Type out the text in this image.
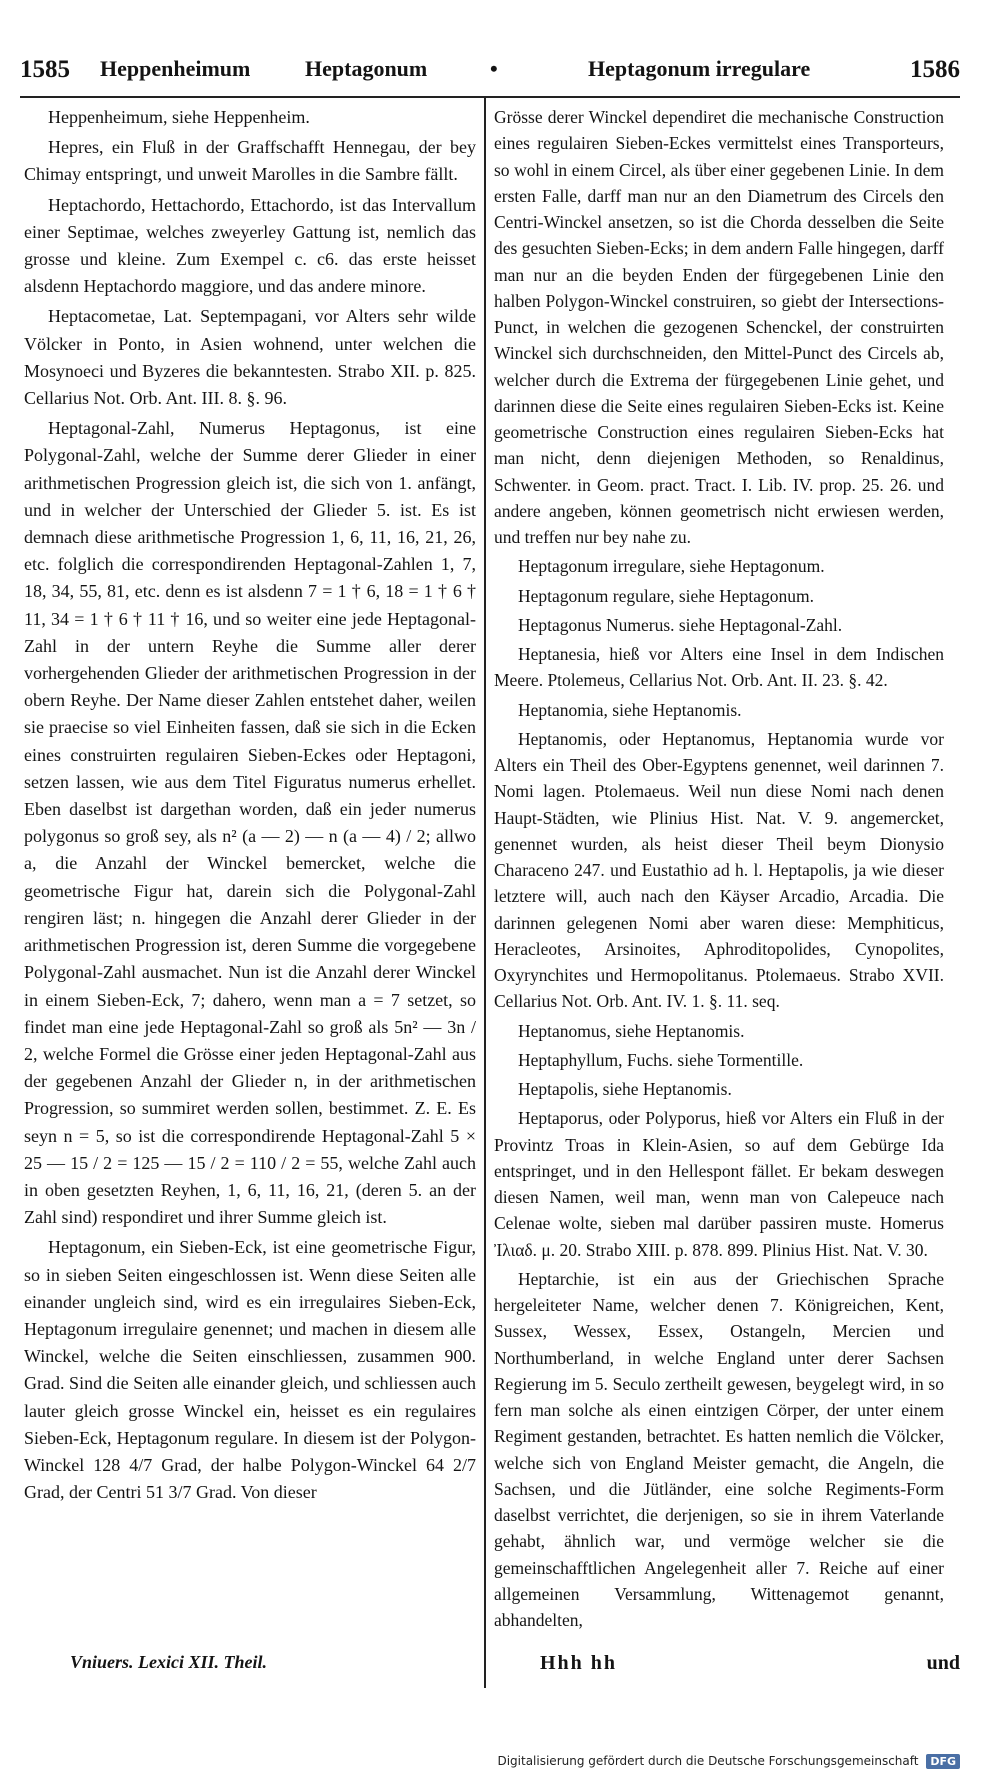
1585 Heppenheimum Heptagonum	•	Heptagonum irregulare	1586

Heppenheimum, siehe Heppenheim.

Hepres, ein Fluß in der Graffschafft Hennegau, der bey Chimay entspringt, und unweit Marolles in die Sambre fällt.

Heptachordo, Hettachordo, Ettachordo, ist das Intervallum einer Septimae, welches zweyerley Gattung ist, nemlich das grosse und kleine. Zum Exempel c. c6. das erste heisset alsdenn Heptachordo maggiore, und das andere minore.

Heptacometae, Lat. Septempagani, vor Alters sehr wilde Völcker in Ponto, in Asien wohnend, unter welchen die Mosynoeci und Byzeres die bekanntesten. Strabo XII. p. 825. Cellarius Not. Orb. Ant. III. 8. §. 96.

Heptagonal-Zahl, Numerus Heptagonus, ist eine Polygonal-Zahl, welche der Summe derer Glieder in einer arithmetischen Progression gleich ist, die sich von 1. anfängt, und in welcher der Unterschied der Glieder 5. ist. Es ist demnach diese arithmetische Progression 1, 6, 11, 16, 21, 26, etc. folglich die correspondirenden Heptagonal-Zahlen 1, 7, 18, 34, 55, 81, etc. denn es ist alsdenn 7 = 1 † 6, 18 = 1 † 6 † 11, 34 = 1 † 6 † 11 † 16, und so weiter eine jede Heptagonal-Zahl in der untern Reyhe die Summe aller derer vorhergehenden Glieder der arithmetischen Progression in der obern Reyhe. Der Name dieser Zahlen entstehet daher, weilen sie praecise so viel Einheiten fassen, daß sie sich in die Ecken eines construirten regulairen Sieben-Eckes oder Heptagoni, setzen lassen, wie aus dem Titel Figuratus numerus erhellet. Eben daselbst ist dargethan worden, daß ein jeder numerus polygonus so groß sey, als n² (a — 2) — n (a — 4) / 2; allwo a, die Anzahl der Winckel bemercket, welche die geometrische Figur hat, darein sich die Polygonal-Zahl rengiren läst; n. hingegen die Anzahl derer Glieder in der arithmetischen Progression ist, deren Summe die vorgegebene Polygonal-Zahl ausmachet. Nun ist die Anzahl derer Winckel in einem Sieben-Eck, 7; dahero, wenn man a = 7 setzet, so findet man eine jede Heptagonal-Zahl so groß als 5n² — 3n / 2, welche Formel die Grösse einer jeden Heptagonal-Zahl aus der gegebenen Anzahl der Glieder n, in der arithmetischen Progression, so summiret werden sollen, bestimmet. Z. E. Es seyn n = 5, so ist die correspondirende Heptagonal-Zahl 5 × 25 — 15 / 2 = 125 — 15 / 2 = 110 / 2 = 55, welche Zahl auch in oben gesetzten Reyhen, 1, 6, 11, 16, 21, (deren 5. an der Zahl sind) respondiret und ihrer Summe gleich ist.

Heptagonum, ein Sieben-Eck, ist eine geometrische Figur, so in sieben Seiten eingeschlossen ist. Wenn diese Seiten alle einander ungleich sind, wird es ein irregulaires Sieben-Eck, Heptagonum irregulaire genennet; und machen in diesem alle Winckel, welche die Seiten einschliessen, zusammen 900. Grad. Sind die Seiten alle einander gleich, und schliessen auch lauter gleich grosse Winckel ein, heisset es ein regulaires Sieben-Eck, Heptagonum regulare. In diesem ist der Polygon-Winckel 128 4/7 Grad, der halbe Polygon-Winckel 64 2/7 Grad, der Centri 51 3/7 Grad. Von dieser

Grösse derer Winckel dependiret die mechanische Construction eines regulairen Sieben-Eckes vermittelst eines Transporteurs, so wohl in einem Circel, als über einer gegebenen Linie. In dem ersten Falle, darff man nur an den Diametrum des Circels den Centri-Winckel ansetzen, so ist die Chorda desselben die Seite des gesuchten Sieben-Ecks; in dem andern Falle hingegen, darff man nur an die beyden Enden der fürgegebenen Linie den halben Polygon-Winckel construiren, so giebt der Intersections-Punct, in welchen die gezogenen Schenckel, der construirten Winckel sich durchschneiden, den Mittel-Punct des Circels ab, welcher durch die Extrema der fürgegebenen Linie gehet, und darinnen diese die Seite eines regulairen Sieben-Ecks ist. Keine geometrische Construction eines regulairen Sieben-Ecks hat man nicht, denn diejenigen Methoden, so Renaldinus, Schwenter. in Geom. pract. Tract. I. Lib. IV. prop. 25. 26. und andere angeben, können geometrisch nicht erwiesen werden, und treffen nur bey nahe zu.

Heptagonum irregulare, siehe Heptagonum.

Heptagonum regulare, siehe Heptagonum.

Heptagonus Numerus. siehe Heptagonal-Zahl.

Heptanesia, hieß vor Alters eine Insel in dem Indischen Meere. Ptolemeus, Cellarius Not. Orb. Ant. II. 23. §. 42.

Heptanomia, siehe Heptanomis.

Heptanomis, oder Heptanomus, Heptanomia wurde vor Alters ein Theil des Ober-Egyptens genennet, weil darinnen 7. Nomi lagen. Ptolemaeus. Weil nun diese Nomi nach denen Haupt-Städten, wie Plinius Hist. Nat. V. 9. angemercket, genennet wurden, als heist dieser Theil beym Dionysio Characeno 247. und Eustathio ad h. l. Heptapolis, ja wie dieser letztere will, auch nach den Käyser Arcadio, Arcadia. Die darinnen gelegenen Nomi aber waren diese: Memphiticus, Heracleotes, Arsinoites, Aphroditopolides, Cynopolites, Oxyrynchites und Hermopolitanus. Ptolemaeus. Strabo XVII. Cellarius Not. Orb. Ant. IV. 1. §. 11. seq.

Heptanomus, siehe Heptanomis.

Heptaphyllum, Fuchs. siehe Tormentille.

Heptapolis, siehe Heptanomis.

Heptaporus, oder Polyporus, hieß vor Alters ein Fluß in der Provintz Troas in Klein-Asien, so auf dem Gebürge Ida entspringet, und in den Hellespont fället. Er bekam deswegen diesen Namen, weil man, wenn man von Calepeuce nach Celenae wolte, sieben mal darüber passiren muste. Homerus Ἰλιαδ. μ. 20. Strabo XIII. p. 878. 899. Plinius Hist. Nat. V. 30.

Heptarchie, ist ein aus der Griechischen Sprache hergeleiteter Name, welcher denen 7. Königreichen, Kent, Sussex, Wessex, Essex, Ostangeln, Mercien und Northumberland, in welche England unter derer Sachsen Regierung im 5. Seculo zertheilt gewesen, beygelegt wird, in so fern man solche als einen eintzigen Cörper, der unter einem Regiment gestanden, betrachtet. Es hatten nemlich die Völcker, welche sich von England Meister gemacht, die Angeln, die Sachsen, und die Jütländer, eine solche Regiments-Form daselbst verrichtet, die derjenigen, so sie in ihrem Vaterlande gehabt, ähnlich war, und vermöge welcher sie die gemeinschafftlichen Angelegenheit aller 7. Reiche auf einer allgemeinen Versammlung, Wittenagemot genannt, abhandelten,

Vniuers. Lexici XII. Theil.	Hhh hh	und
Digitalisierung gefördert durch die Deutsche Forschungsgemeinschaft DFG
